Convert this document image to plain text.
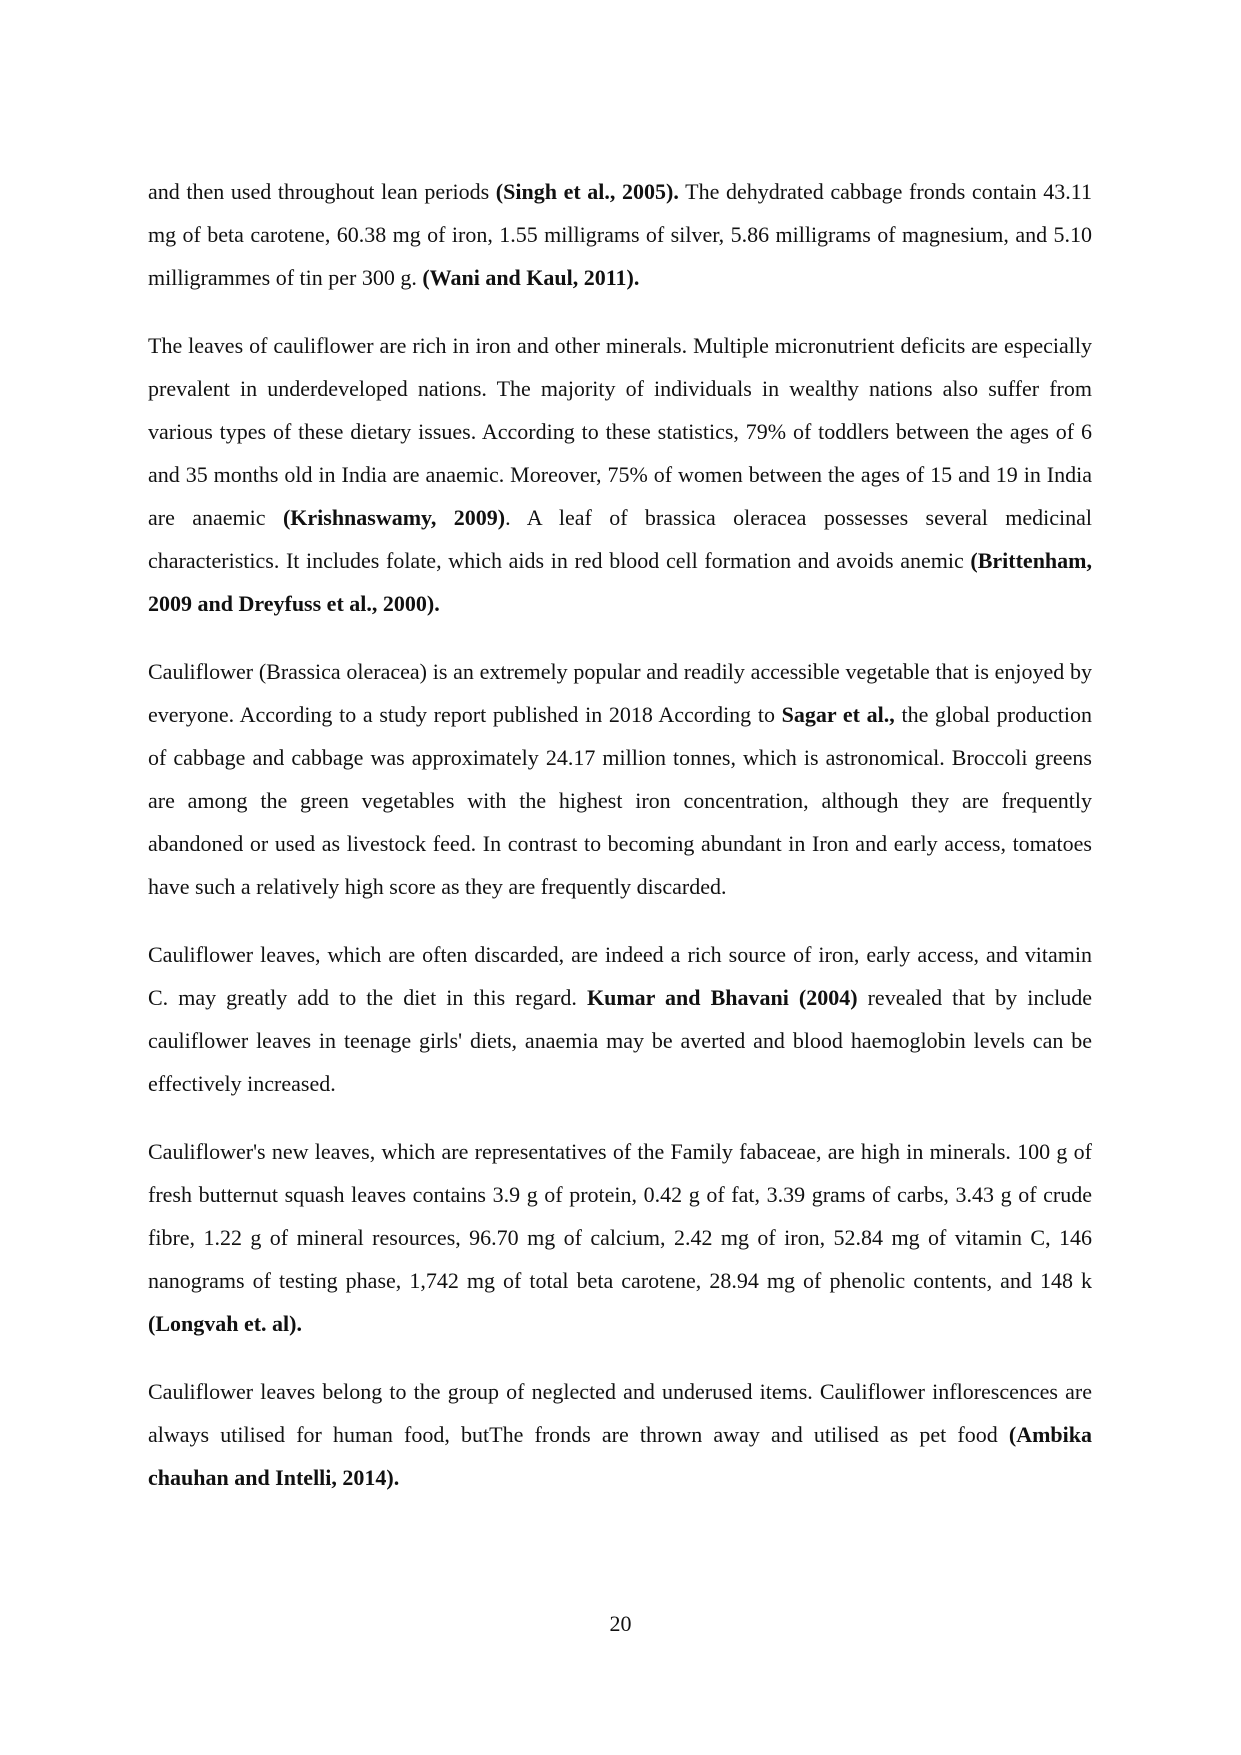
and then used throughout lean periods (Singh et al., 2005). The dehydrated cabbage fronds contain 43.11 mg of beta carotene, 60.38 mg of iron, 1.55 milligrams of silver, 5.86 milligrams of magnesium, and 5.10 milligrammes of tin per 300 g. (Wani and Kaul, 2011).

The leaves of cauliflower are rich in iron and other minerals. Multiple micronutrient deficits are especially prevalent in underdeveloped nations. The majority of individuals in wealthy nations also suffer from various types of these dietary issues. According to these statistics, 79% of toddlers between the ages of 6 and 35 months old in India are anaemic. Moreover, 75% of women between the ages of 15 and 19 in India are anaemic (Krishnaswamy, 2009). A leaf of brassica oleracea possesses several medicinal characteristics. It includes folate, which aids in red blood cell formation and avoids anemic (Brittenham, 2009 and Dreyfuss et al., 2000).

Cauliflower (Brassica oleracea) is an extremely popular and readily accessible vegetable that is enjoyed by everyone. According to a study report published in 2018 According to Sagar et al., the global production of cabbage and cabbage was approximately 24.17 million tonnes, which is astronomical. Broccoli greens are among the green vegetables with the highest iron concentration, although they are frequently abandoned or used as livestock feed. In contrast to becoming abundant in Iron and early access, tomatoes have such a relatively high score as they are frequently discarded.

Cauliflower leaves, which are often discarded, are indeed a rich source of iron, early access, and vitamin C. may greatly add to the diet in this regard. Kumar and Bhavani (2004) revealed that by include cauliflower leaves in teenage girls' diets, anaemia may be averted and blood haemoglobin levels can be effectively increased.

Cauliflower's new leaves, which are representatives of the Family fabaceae, are high in minerals. 100 g of fresh butternut squash leaves contains 3.9 g of protein, 0.42 g of fat, 3.39 grams of carbs, 3.43 g of crude fibre, 1.22 g of mineral resources, 96.70 mg of calcium, 2.42 mg of iron, 52.84 mg of vitamin C, 146 nanograms of testing phase, 1,742 mg of total beta carotene, 28.94 mg of phenolic contents, and 148 k (Longvah et. al).

Cauliflower leaves belong to the group of neglected and underused items. Cauliflower inflorescences are always utilised for human food, butThe fronds are thrown away and utilised as pet food (Ambika chauhan and Intelli, 2014).

20
